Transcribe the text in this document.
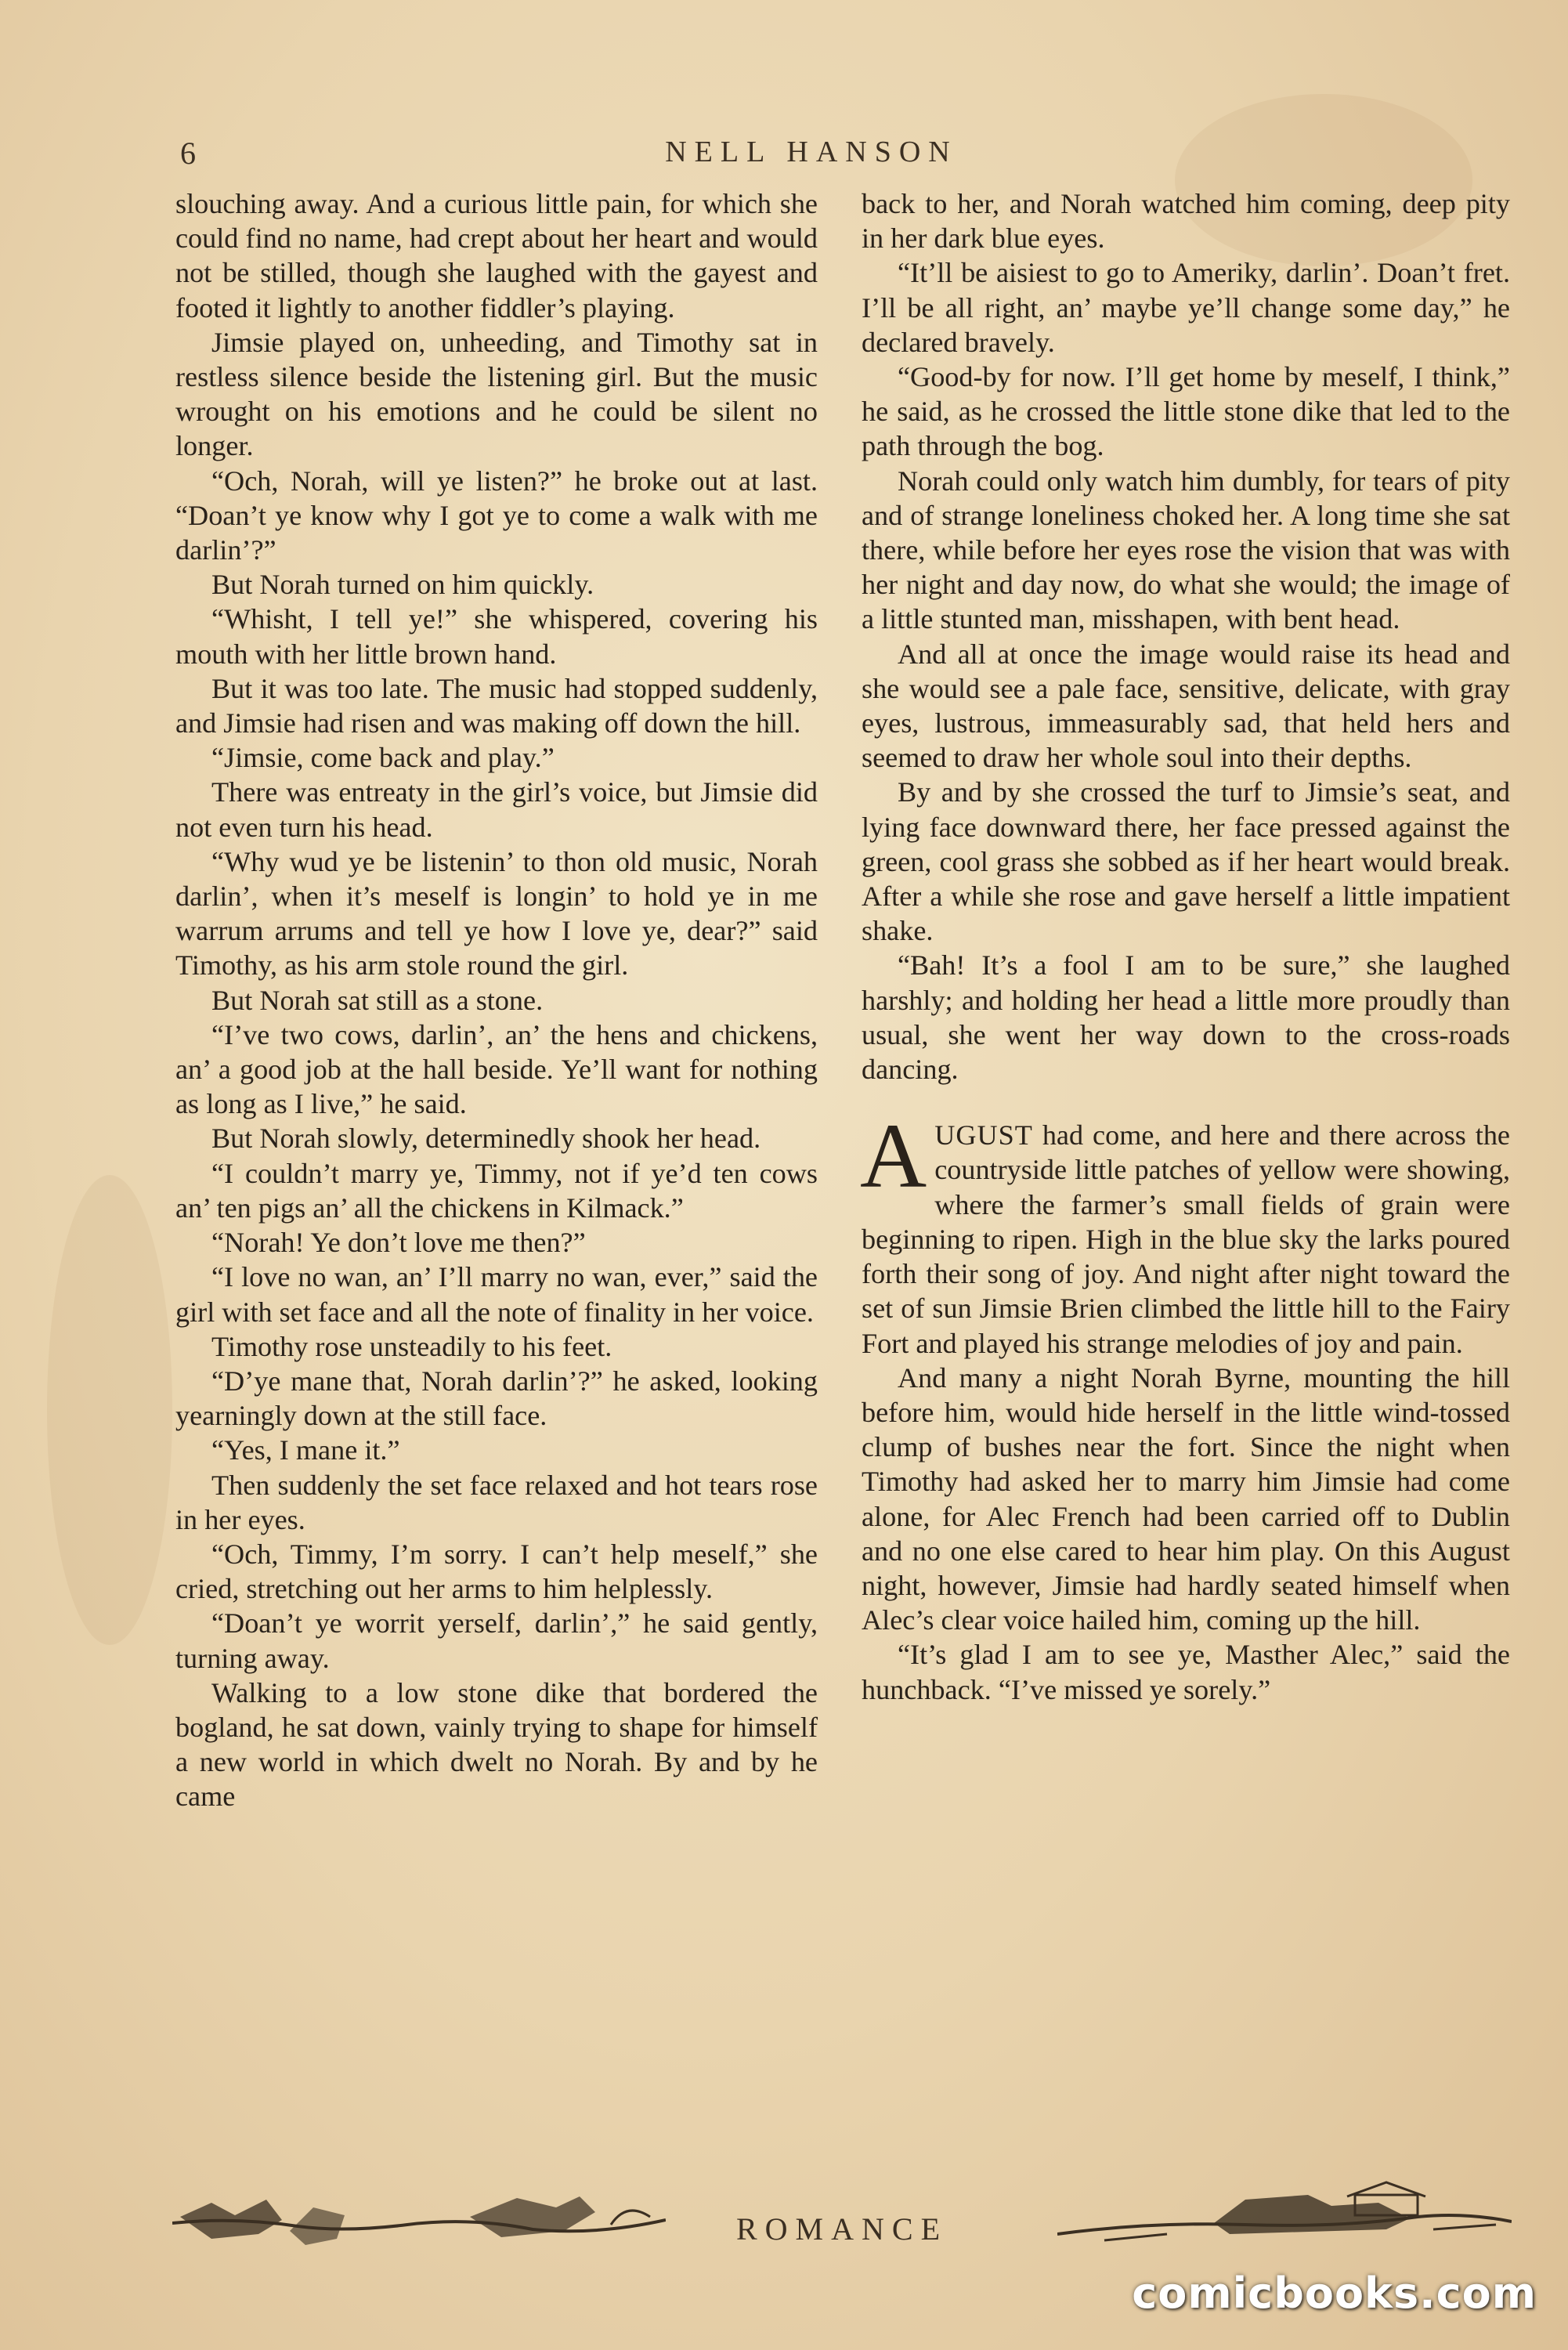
6	NELL HANSON

slouching away. And a curious little pain, for which she could find no name, had crept about her heart and would not be stilled, though she laughed with the gayest and footed it lightly to another fiddler’s playing.

Jimsie played on, unheeding, and Timothy sat in restless silence beside the listening girl. But the music wrought on his emotions and he could be silent no longer.

“Och, Norah, will ye listen?” he broke out at last. “Doan’t ye know why I got ye to come a walk with me darlin’?”

But Norah turned on him quickly.

“Whisht, I tell ye!” she whispered, covering his mouth with her little brown hand.

But it was too late. The music had stopped suddenly, and Jimsie had risen and was making off down the hill.

“Jimsie, come back and play.”

There was entreaty in the girl’s voice, but Jimsie did not even turn his head.

“Why wud ye be listenin’ to thon old music, Norah darlin’, when it’s meself is longin’ to hold ye in me warrum arrums and tell ye how I love ye, dear?” said Timothy, as his arm stole round the girl.

But Norah sat still as a stone.

“I’ve two cows, darlin’, an’ the hens and chickens, an’ a good job at the hall beside. Ye’ll want for nothing as long as I live,” he said.

But Norah slowly, determinedly shook her head.

“I couldn’t marry ye, Timmy, not if ye’d ten cows an’ ten pigs an’ all the chickens in Kilmack.”

“Norah! Ye don’t love me then?”

“I love no wan, an’ I’ll marry no wan, ever,” said the girl with set face and all the note of finality in her voice.

Timothy rose unsteadily to his feet.

“D’ye mane that, Norah darlin’?” he asked, looking yearningly down at the still face.

“Yes, I mane it.”

Then suddenly the set face relaxed and hot tears rose in her eyes.

“Och, Timmy, I’m sorry. I can’t help meself,” she cried, stretching out her arms to him helplessly.

“Doan’t ye worrit yerself, darlin’,” he said gently, turning away.

Walking to a low stone dike that bordered the bogland, he sat down, vainly trying to shape for himself a new world in which dwelt no Norah. By and by he came

back to her, and Norah watched him coming, deep pity in her dark blue eyes.

“It’ll be aisiest to go to Ameriky, darlin’. Doan’t fret. I’ll be all right, an’ maybe ye’ll change some day,” he declared bravely.

“Good-by for now. I’ll get home by meself, I think,” he said, as he crossed the little stone dike that led to the path through the bog.

Norah could only watch him dumbly, for tears of pity and of strange loneliness choked her. A long time she sat there, while before her eyes rose the vision that was with her night and day now, do what she would; the image of a little stunted man, misshapen, with bent head.

And all at once the image would raise its head and she would see a pale face, sensitive, delicate, with gray eyes, lustrous, immeasurably sad, that held hers and seemed to draw her whole soul into their depths.

By and by she crossed the turf to Jimsie’s seat, and lying face downward there, her face pressed against the green, cool grass she sobbed as if her heart would break. After a while she rose and gave herself a little impatient shake.

“Bah! It’s a fool I am to be sure,” she laughed harshly; and holding her head a little more proudly than usual, she went her way down to the cross-roads dancing.

AUGUST had come, and here and there across the countryside little patches of yellow were showing, where the farmer’s small fields of grain were beginning to ripen. High in the blue sky the larks poured forth their song of joy. And night after night toward the set of sun Jimsie Brien climbed the little hill to the Fairy Fort and played his strange melodies of joy and pain.

And many a night Norah Byrne, mounting the hill before him, would hide herself in the little wind-tossed clump of bushes near the fort. Since the night when Timothy had asked her to marry him Jimsie had come alone, for Alec French had been carried off to Dublin and no one else cared to hear him play. On this August night, however, Jimsie had hardly seated himself when Alec’s clear voice hailed him, coming up the hill.

“It’s glad I am to see ye, Masther Alec,” said the hunchback. “I’ve missed ye sorely.”

ROMANCE
comicbooks.com
